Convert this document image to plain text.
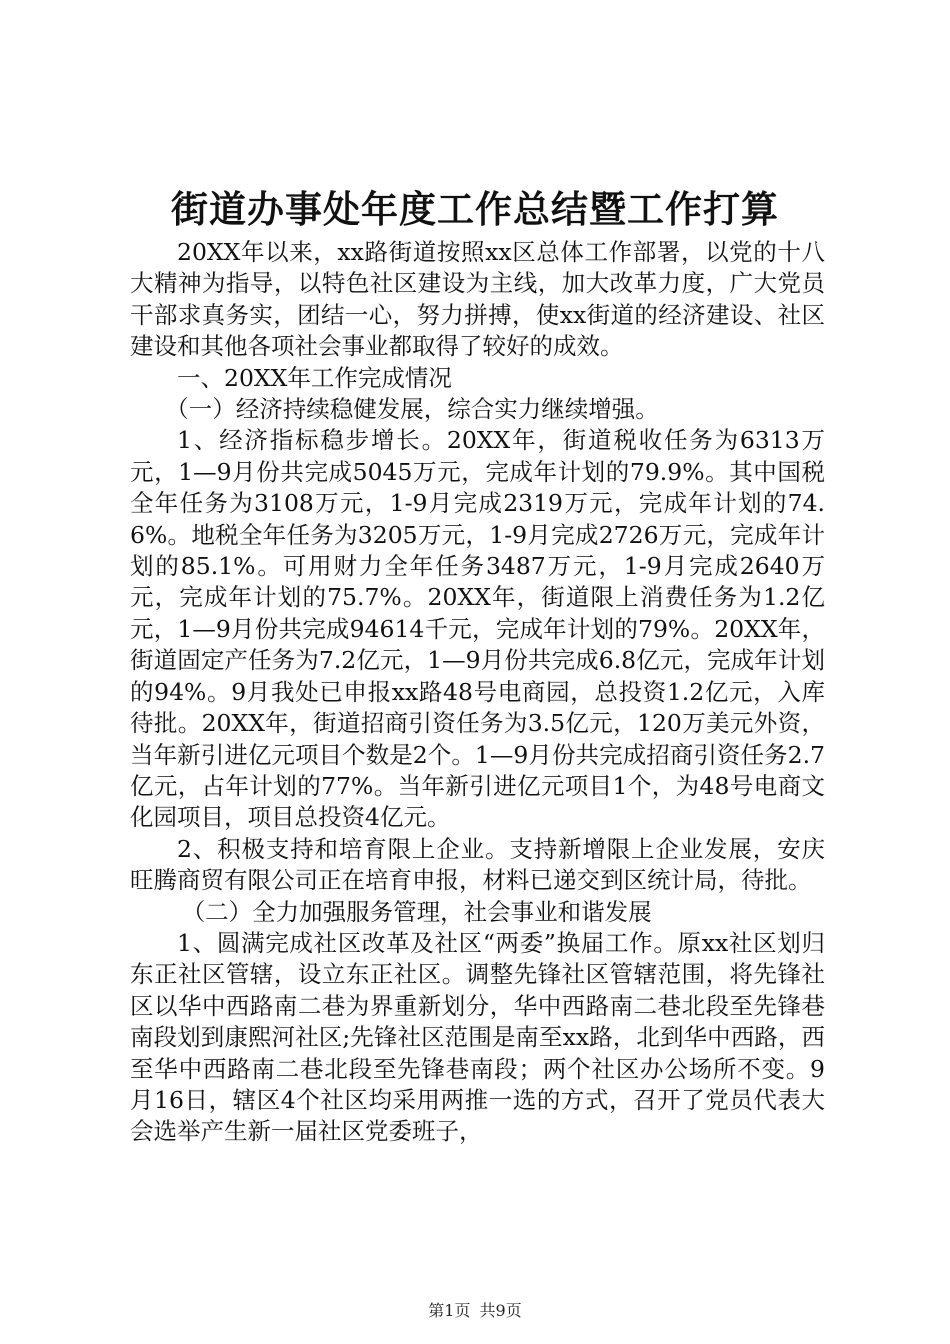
街道办事处年度工作总结暨工作打算

20XX年以来，xx路街道按照xx区总体工作部署，以党的十八大精神为指导，以特色社区建设为主线，加大改革力度，广大党员干部求真务实，团结一心，努力拼搏，使xx街道的经济建设、社区建设和其他各项社会事业都取得了较好的成效。

一、20XX年工作完成情况

（一）经济持续稳健发展，综合实力继续增强。

1、经济指标稳步增长。20XX年，街道税收任务为6313万元，1—9月份共完成5045万元，完成年计划的79.9%。其中国税全年任务为3108万元，1-9月完成2319万元，完成年计划的74.6%。地税全年任务为3205万元，1-9月完成2726万元，完成年计划的85.1%。可用财力全年任务3487万元，1-9月完成2640万元，完成年计划的75.7%。20XX年，街道限上消费任务为1.2亿元，1—9月份共完成94614千元，完成年计划的79%。20XX年，街道固定产任务为7.2亿元，1—9月份共完成6.8亿元，完成年计划的94%。9月我处已申报xx路48号电商园，总投资1.2亿元，入库待批。20XX年，街道招商引资任务为3.5亿元，120万美元外资，当年新引进亿元项目个数是2个。1—9月份共完成招商引资任务2.7亿元，占年计划的77%。当年新引进亿元项目1个，为48号电商文化园项目，项目总投资4亿元。

2、积极支持和培育限上企业。支持新增限上企业发展，安庆旺腾商贸有限公司正在培育申报，材料已递交到区统计局，待批。

（二）全力加强服务管理，社会事业和谐发展

1、圆满完成社区改革及社区“两委”换届工作。原xx社区划归东正社区管辖，设立东正社区。调整先锋社区管辖范围，将先锋社区以华中西路南二巷为界重新划分，华中西路南二巷北段至先锋巷南段划到康熙河社区;先锋社区范围是南至xx路，北到华中西路，西至华中西路南二巷北段至先锋巷南段；两个社区办公场所不变。9月16日，辖区4个社区均采用两推一选的方式，召开了党员代表大会选举产生新一届社区党委班子，

第1页 共9页
